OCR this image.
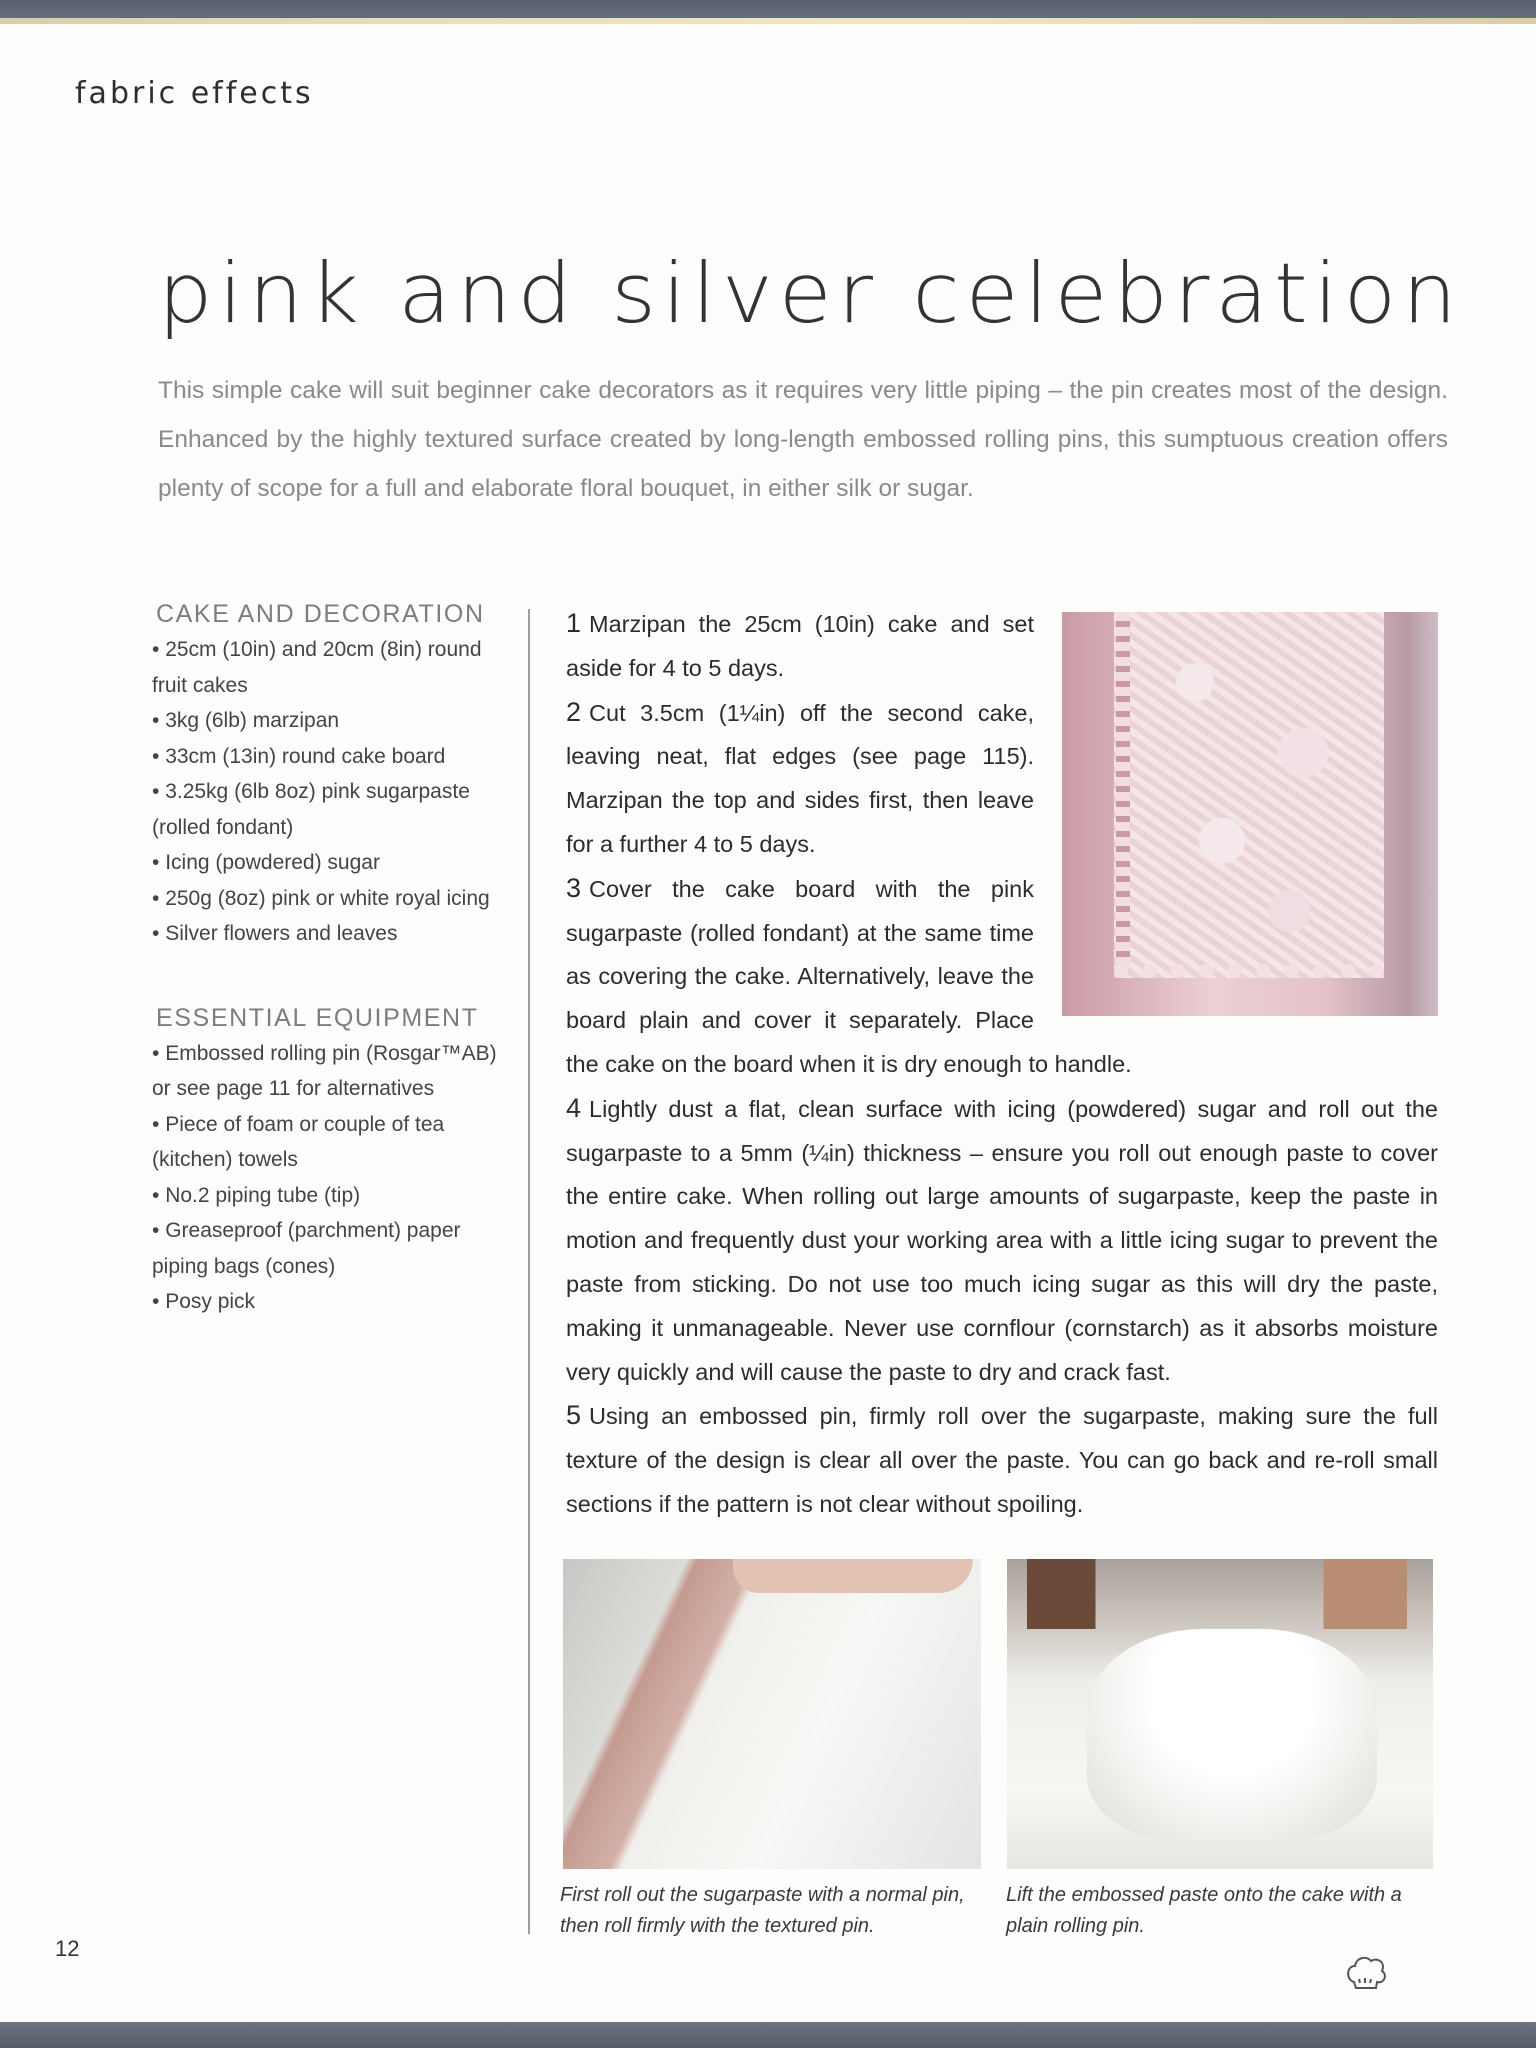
fabric effects
pink and silver celebration

This simple cake will suit beginner cake decorators as it requires very little piping – the pin creates most of the design. Enhanced by the highly textured surface created by long-length embossed rolling pins, this sumptuous creation offers plenty of scope for a full and elaborate floral bouquet, in either silk or sugar.

CAKE AND DECORATION
• 25cm (10in) and 20cm (8in) round fruit cakes
• 3kg (6lb) marzipan
• 33cm (13in) round cake board
• 3.25kg (6lb 8oz) pink sugarpaste (rolled fondant)
• Icing (powdered) sugar
• 250g (8oz) pink or white royal icing
• Silver flowers and leaves
ESSENTIAL EQUIPMENT
• Embossed rolling pin (Rosgar™AB) or see page 11 for alternatives
• Piece of foam or couple of tea (kitchen) towels
• No.2 piping tube (tip)
• Greaseproof (parchment) paper piping bags (cones)
• Posy pick

1 Marzipan the 25cm (10in) cake and set aside for 4 to 5 days.

2 Cut 3.5cm (1¼in) off the second cake, leaving neat, flat edges (see page 115). Marzipan the top and sides first, then leave for a further 4 to 5 days.

3 Cover the cake board with the pink sugarpaste (rolled fondant) at the same time as covering the cake. Alternatively, leave the board plain and cover it separately. Place the cake on the board when it is dry enough to handle.

4 Lightly dust a flat, clean surface with icing (powdered) sugar and roll out the sugarpaste to a 5mm (¼in) thickness – ensure you roll out enough paste to cover the entire cake. When rolling out large amounts of sugarpaste, keep the paste in motion and frequently dust your working area with a little icing sugar to prevent the paste from sticking. Do not use too much icing sugar as this will dry the paste, making it unmanageable. Never use cornflour (cornstarch) as it absorbs moisture very quickly and will cause the paste to dry and crack fast.

5 Using an embossed pin, firmly roll over the sugarpaste, making sure the full texture of the design is clear all over the paste. You can go back and re-roll small sections if the pattern is not clear without spoiling.

First roll out the sugarpaste with a normal pin, then roll firmly with the textured pin.

Lift the embossed paste onto the cake with a plain rolling pin.

12
